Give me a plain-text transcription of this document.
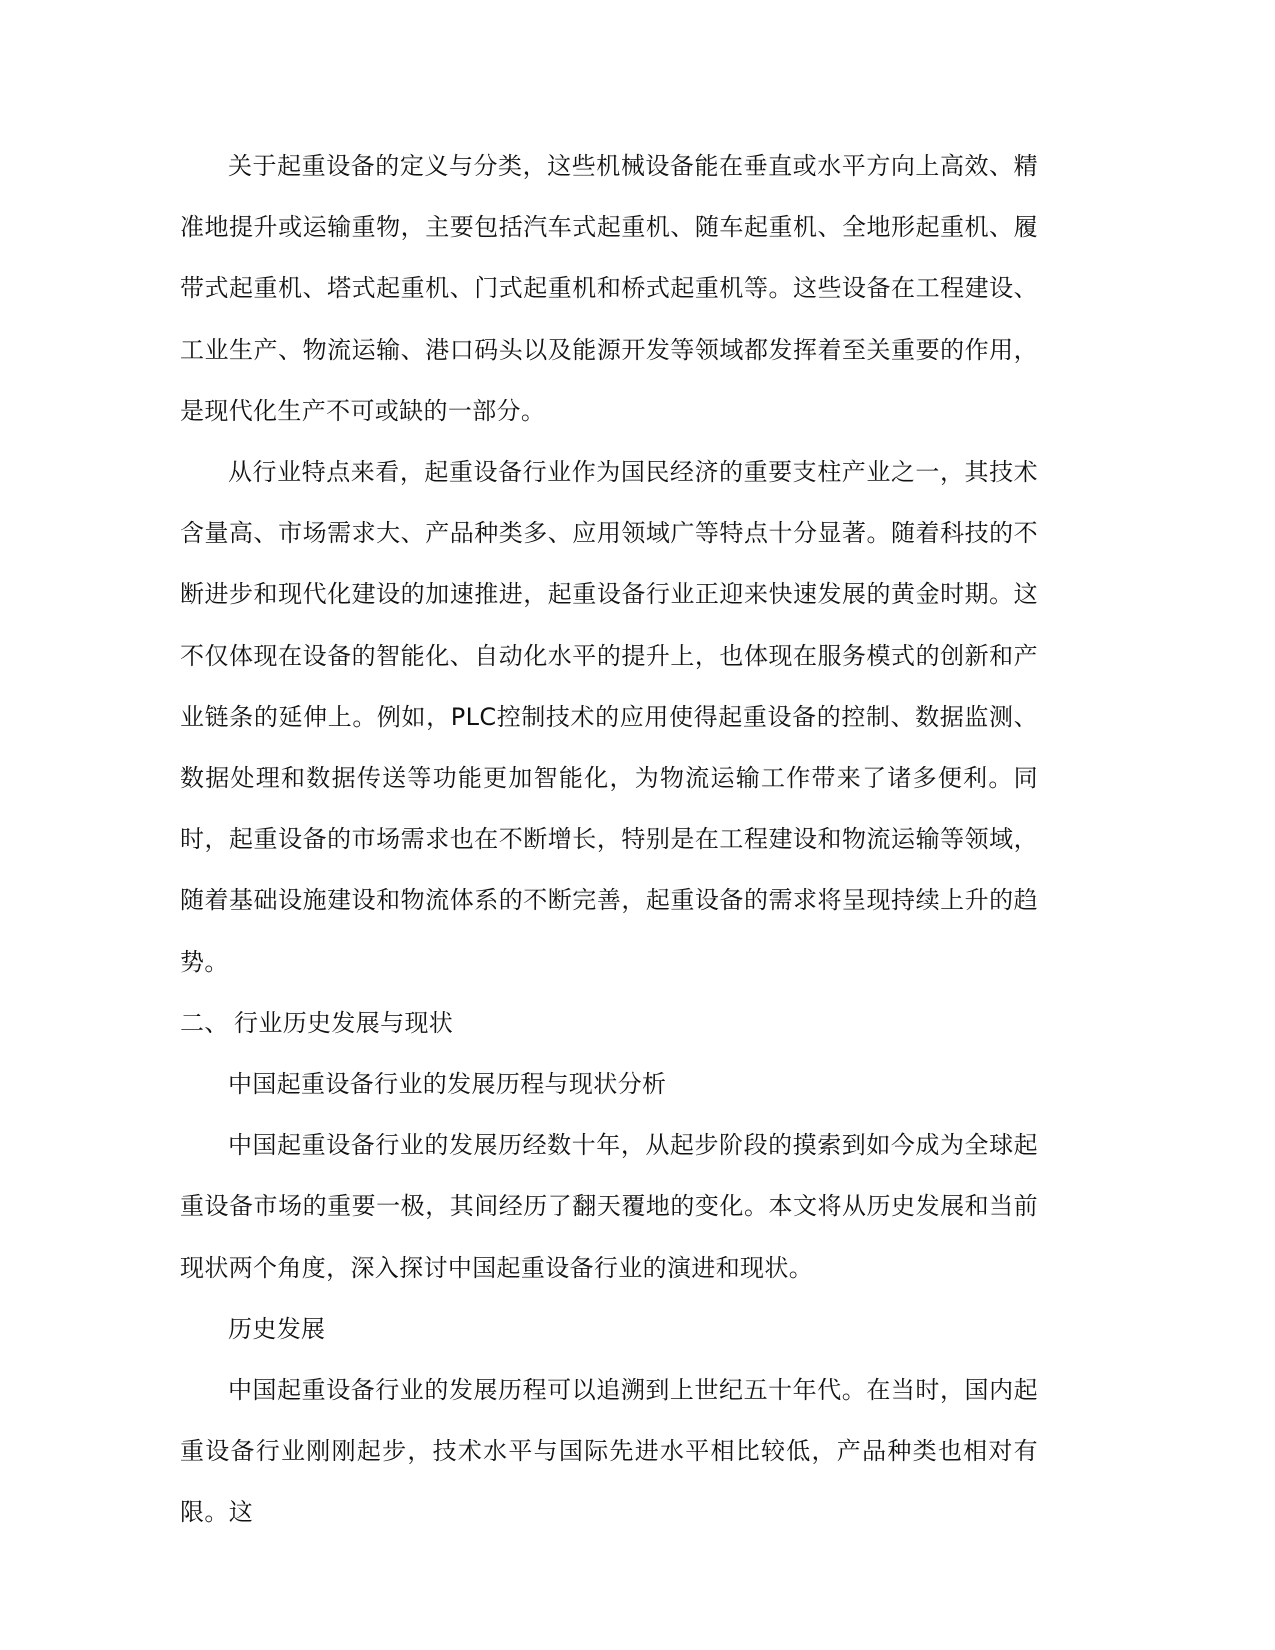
关于起重设备的定义与分类，这些机械设备能在垂直或水平方向上高效、精准地提升或运输重物，主要包括汽车式起重机、随车起重机、全地形起重机、履带式起重机、塔式起重机、门式起重机和桥式起重机等。这些设备在工程建设、工业生产、物流运输、港口码头以及能源开发等领域都发挥着至关重要的作用，是现代化生产不可或缺的一部分。

从行业特点来看，起重设备行业作为国民经济的重要支柱产业之一，其技术含量高、市场需求大、产品种类多、应用领域广等特点十分显著。随着科技的不断进步和现代化建设的加速推进，起重设备行业正迎来快速发展的黄金时期。这不仅体现在设备的智能化、自动化水平的提升上，也体现在服务模式的创新和产业链条的延伸上。例如，PLC控制技术的应用使得起重设备的控制、数据监测、数据处理和数据传送等功能更加智能化，为物流运输工作带来了诸多便利。同时，起重设备的市场需求也在不断增长，特别是在工程建设和物流运输等领域，随着基础设施建设和物流体系的不断完善，起重设备的需求将呈现持续上升的趋势。

二、 行业历史发展与现状

中国起重设备行业的发展历程与现状分析

中国起重设备行业的发展历经数十年，从起步阶段的摸索到如今成为全球起重设备市场的重要一极，其间经历了翻天覆地的变化。本文将从历史发展和当前现状两个角度，深入探讨中国起重设备行业的演进和现状。

历史发展

中国起重设备行业的发展历程可以追溯到上世纪五十年代。在当时，国内起重设备行业刚刚起步，技术水平与国际先进水平相比较低，产品种类也相对有限。这
